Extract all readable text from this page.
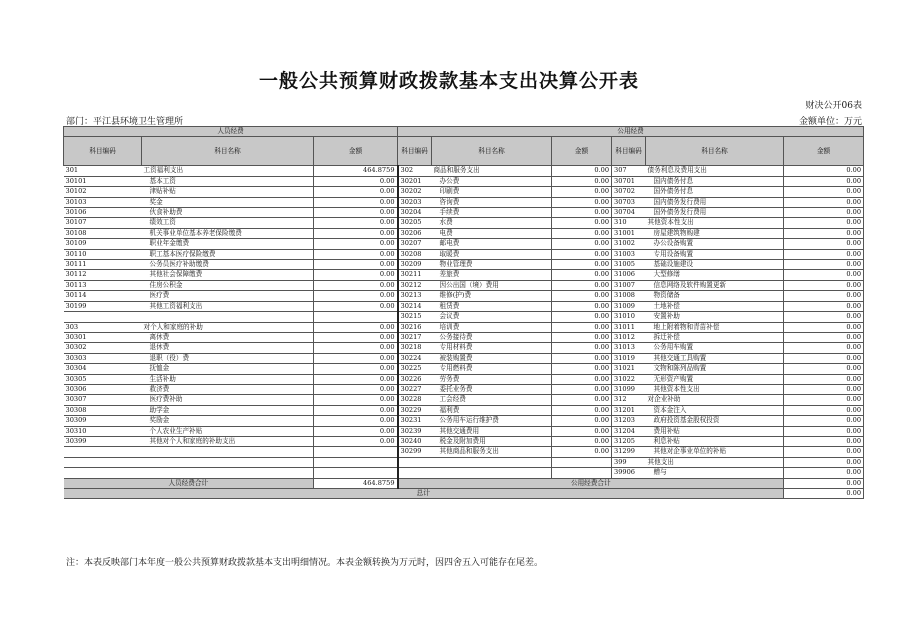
一般公共预算财政拨款基本支出决算公开表
财决公开06表
部门：平江县环境卫生管理所	金额单位：万元
人员经费			公用经费					
科目编码	科目名称	金额	科目编码	科目名称	金额	科目编码	科目名称	金额
301	工资福利支出	464.8759	302	商品和服务支出	0.00	307	债务利息及费用支出	0.00
30101	基本工资	0.00	30201	办公费	0.00	30701	国内债务付息	0.00
30102	津贴补贴	0.00	30202	印刷费	0.00	30702	国外债务付息	0.00
30103	奖金	0.00	30203	咨询费	0.00	30703	国内债务发行费用	0.00
30106	伙食补助费	0.00	30204	手续费	0.00	30704	国外债务发行费用	0.00
30107	绩效工资	0.00	30205	水费	0.00	310	其他资本性支出	0.00
30108	机关事业单位基本养老保险缴费	0.00	30206	电费	0.00	31001	房屋建筑物购建	0.00
30109	职业年金缴费	0.00	30207	邮电费	0.00	31002	办公设备购置	0.00
30110	职工基本医疗保险缴费	0.00	30208	取暖费	0.00	31003	专用设备购置	0.00
30111	公务员医疗补助缴费	0.00	30209	物业管理费	0.00	31005	基础设施建设	0.00
30112	其他社会保障缴费	0.00	30211	差旅费	0.00	31006	大型修缮	0.00
30113	住房公积金	0.00	30212	因公出国（境）费用	0.00	31007	信息网络及软件购置更新	0.00
30114	医疗费	0.00	30213	维修(护)费	0.00	31008	物资储备	0.00
30199	其他工资福利支出	0.00	30214	租赁费	0.00	31009	土地补偿	0.00
			30215	会议费	0.00	31010	安置补助	0.00
303	对个人和家庭的补助	0.00	30216	培训费	0.00	31011	地上附着物和青苗补偿	0.00
30301	离休费	0.00	30217	公务接待费	0.00	31012	拆迁补偿	0.00
30302	退休费	0.00	30218	专用材料费	0.00	31013	公务用车购置	0.00
30303	退职（役）费	0.00	30224	被装购置费	0.00	31019	其他交通工具购置	0.00
30304	抚恤金	0.00	30225	专用燃料费	0.00	31021	文物和陈列品购置	0.00
30305	生活补助	0.00	30226	劳务费	0.00	31022	无形资产购置	0.00
30306	救济费	0.00	30227	委托业务费	0.00	31099	其他资本性支出	0.00
30307	医疗费补助	0.00	30228	工会经费	0.00	312	对企业补助	0.00
30308	助学金	0.00	30229	福利费	0.00	31201	资本金注入	0.00
30309	奖励金	0.00	30231	公务用车运行维护费	0.00	31203	政府投资基金股权投资	0.00
30310	个人农业生产补贴	0.00	30239	其他交通费用	0.00	31204	费用补贴	0.00
30399	其他对个人和家庭的补助支出	0.00	30240	税金及附加费用	0.00	31205	利息补贴	0.00
			30299	其他商品和服务支出	0.00	31299	其他对企事业单位的补贴	0.00
						399	其他支出	0.00
						39906	赠与	0.00
人员经费合计		464.8759	公用经费合计					0.00
总计								0.00
注：本表反映部门本年度一般公共预算财政拨款基本支出明细情况。本表金额转换为万元时，因四舍五入可能存在尾差。
